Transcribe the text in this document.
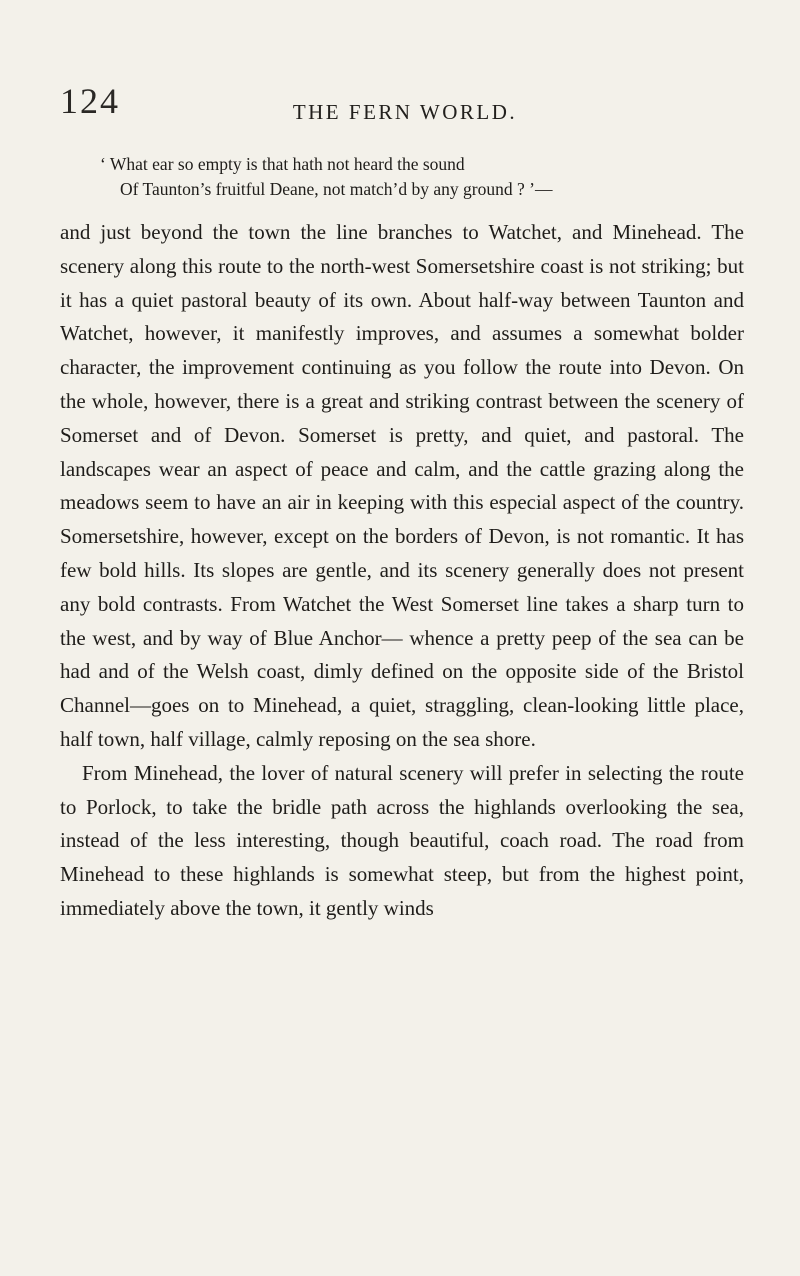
124	THE FERN WORLD.
‘ What ear so empty is that hath not heard the sound
Of Taunton’s fruitful Deane, not match’d by any ground ? ’—

and just beyond the town the line branches to Watchet, and Minehead. The scenery along this route to the north-west Somersetshire coast is not striking; but it has a quiet pastoral beauty of its own. About half-way between Taunton and Watchet, however, it manifestly improves, and assumes a somewhat bolder character, the improvement continuing as you follow the route into Devon. On the whole, however, there is a great and striking contrast between the scenery of Somerset and of Devon. Somerset is pretty, and quiet, and pastoral. The landscapes wear an aspect of peace and calm, and the cattle grazing along the meadows seem to have an air in keeping with this especial aspect of the country. Somersetshire, however, except on the borders of Devon, is not romantic. It has few bold hills. Its slopes are gentle, and its scenery generally does not present any bold contrasts. From Watchet the West Somerset line takes a sharp turn to the west, and by way of Blue Anchor— whence a pretty peep of the sea can be had and of the Welsh coast, dimly defined on the opposite side of the Bristol Channel—goes on to Minehead, a quiet, straggling, clean-looking little place, half town, half village, calmly reposing on the sea shore.

From Minehead, the lover of natural scenery will prefer in selecting the route to Porlock, to take the bridle path across the highlands overlooking the sea, instead of the less interesting, though beautiful, coach road. The road from Minehead to these highlands is somewhat steep, but from the highest point, immediately above the town, it gently winds
